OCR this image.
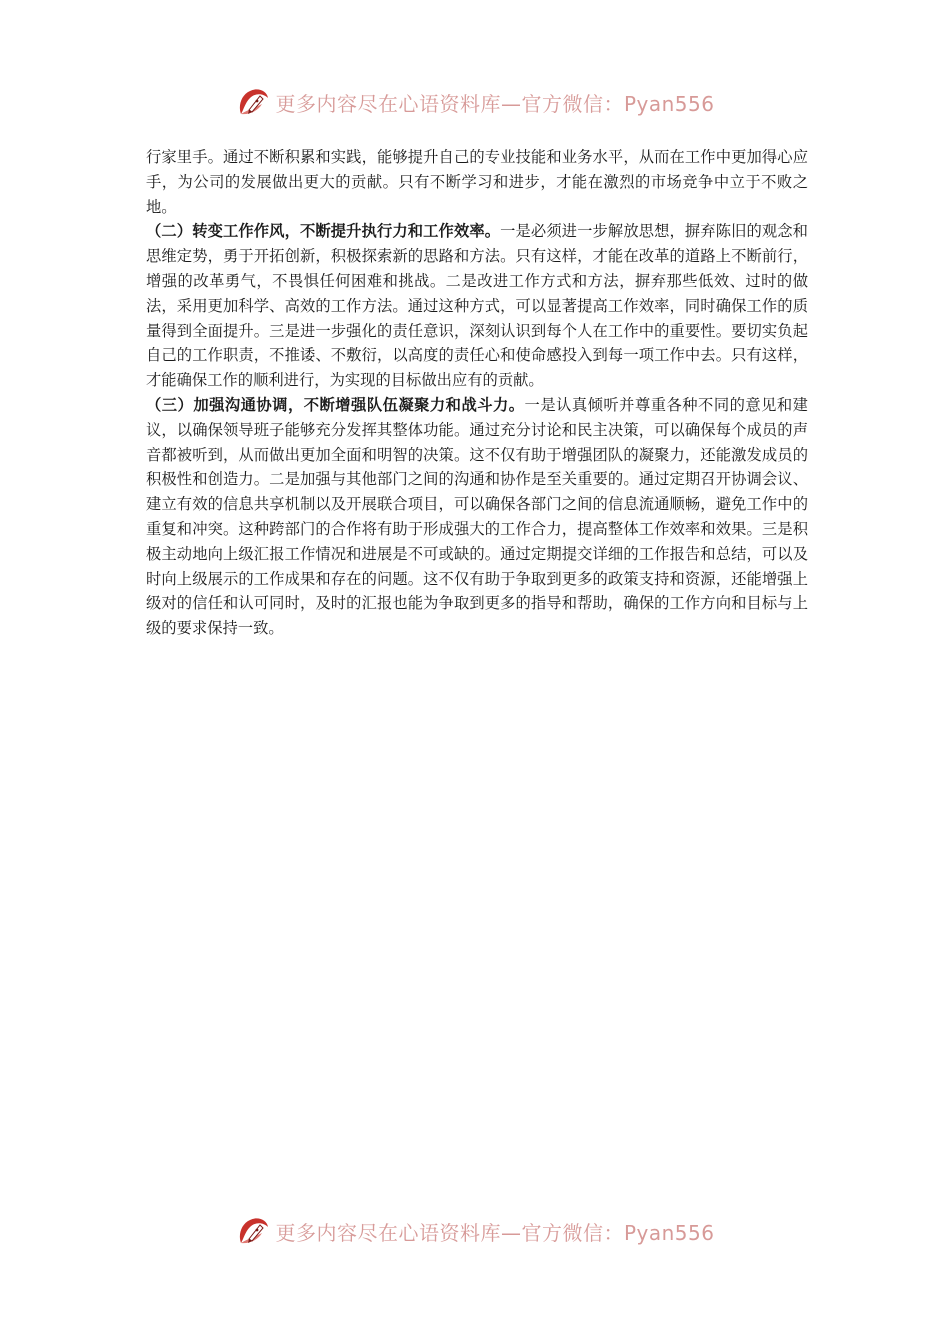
更多内容尽在心语资料库—官方微信：Pyan556

行家里手。通过不断积累和实践，能够提升自己的专业技能和业务水平，从而在工作中更加得心应手，为公司的发展做出更大的贡献。只有不断学习和进步，才能在激烈的市场竞争中立于不败之地。

（二）转变工作作风，不断提升执行力和工作效率。一是必须进一步解放思想，摒弃陈旧的观念和思维定势，勇于开拓创新，积极探索新的思路和方法。只有这样，才能在改革的道路上不断前行，增强的改革勇气，不畏惧任何困难和挑战。二是改进工作方式和方法，摒弃那些低效、过时的做法，采用更加科学、高效的工作方法。通过这种方式，可以显著提高工作效率，同时确保工作的质量得到全面提升。三是进一步强化的责任意识，深刻认识到每个人在工作中的重要性。要切实负起自己的工作职责，不推诿、不敷衍，以高度的责任心和使命感投入到每一项工作中去。只有这样，才能确保工作的顺利进行，为实现的目标做出应有的贡献。

（三）加强沟通协调，不断增强队伍凝聚力和战斗力。一是认真倾听并尊重各种不同的意见和建议，以确保领导班子能够充分发挥其整体功能。通过充分讨论和民主决策，可以确保每个成员的声音都被听到，从而做出更加全面和明智的决策。这不仅有助于增强团队的凝聚力，还能激发成员的积极性和创造力。二是加强与其他部门之间的沟通和协作是至关重要的。通过定期召开协调会议、建立有效的信息共享机制以及开展联合项目，可以确保各部门之间的信息流通顺畅，避免工作中的重复和冲突。这种跨部门的合作将有助于形成强大的工作合力，提高整体工作效率和效果。三是积极主动地向上级汇报工作情况和进展是不可或缺的。通过定期提交详细的工作报告和总结，可以及时向上级展示的工作成果和存在的问题。这不仅有助于争取到更多的政策支持和资源，还能增强上级对的信任和认可同时，及时的汇报也能为争取到更多的指导和帮助，确保的工作方向和目标与上级的要求保持一致。

更多内容尽在心语资料库—官方微信：Pyan556
